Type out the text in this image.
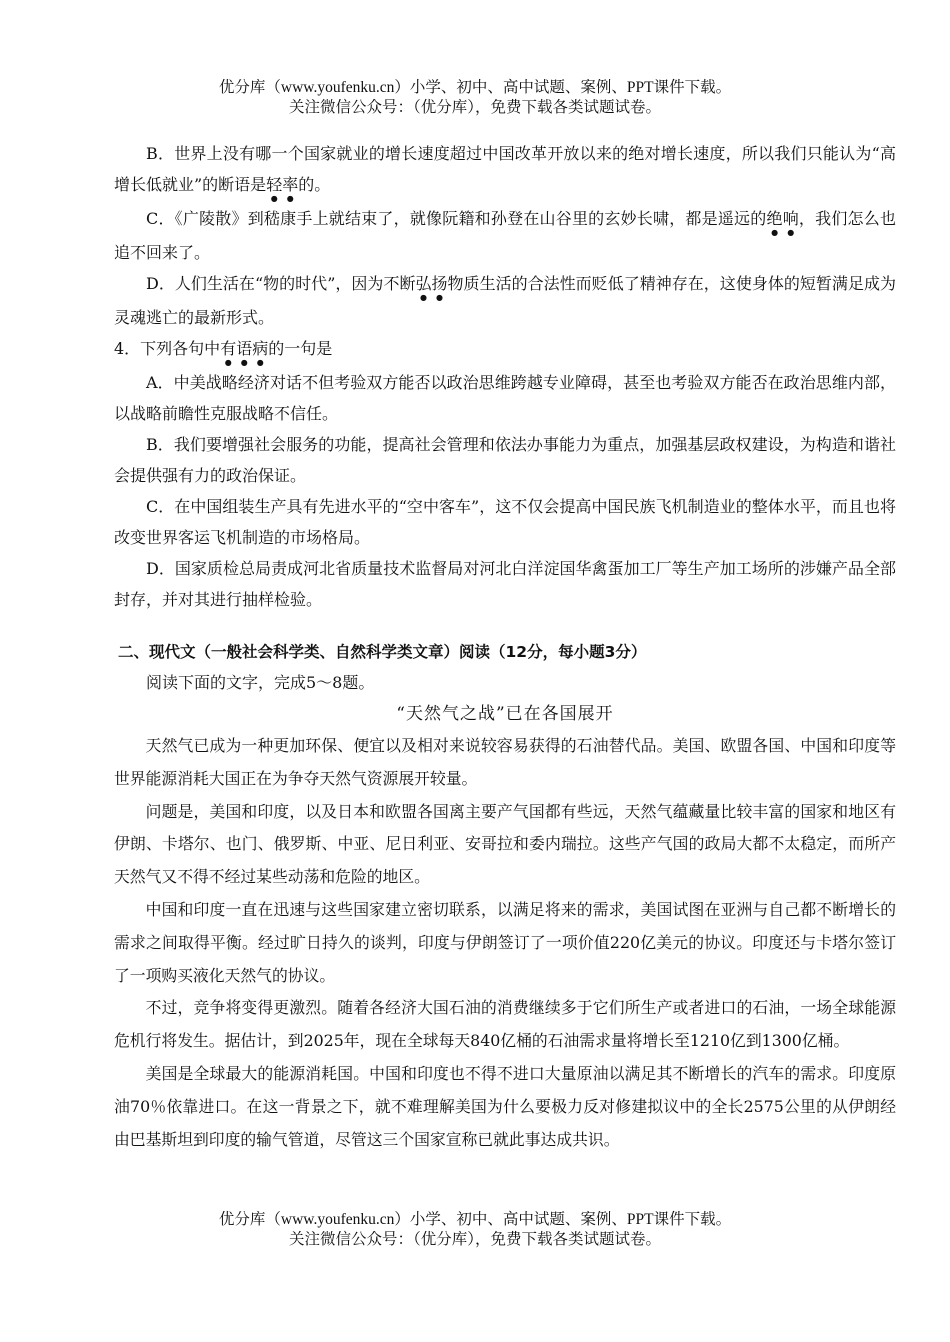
优分库（www.youfenku.cn）小学、初中、高中试题、案例、PPT课件下载。
关注微信公众号：（优分库），免费下载各类试题试卷。

B．世界上没有哪一个国家就业的增长速度超过中国改革开放以来的绝对增长速度，所以我们只能认为“高增长低就业”的断语是轻率的。

C．《广陵散》到嵇康手上就结束了，就像阮籍和孙登在山谷里的玄妙长啸，都是遥远的绝响，我们怎么也追不回来了。

D．人们生活在“物的时代”，因为不断弘扬物质生活的合法性而贬低了精神存在，这使身体的短暂满足成为灵魂逃亡的最新形式。

4．下列各句中有语病的一句是

A．中美战略经济对话不但考验双方能否以政治思维跨越专业障碍，甚至也考验双方能否在政治思维内部，以战略前瞻性克服战略不信任。

B．我们要增强社会服务的功能，提高社会管理和依法办事能力为重点，加强基层政权建设，为构造和谐社会提供强有力的政治保证。

C．在中国组装生产具有先进水平的“空中客车”，这不仅会提高中国民族飞机制造业的整体水平，而且也将改变世界客运飞机制造的市场格局。

D．国家质检总局责成河北省质量技术监督局对河北白洋淀国华禽蛋加工厂等生产加工场所的涉嫌产品全部封存，并对其进行抽样检验。

二、现代文（一般社会科学类、自然科学类文章）阅读（12分，每小题3分）

阅读下面的文字，完成5～8题。

“天然气之战”已在各国展开

天然气已成为一种更加环保、便宜以及相对来说较容易获得的石油替代品。美国、欧盟各国、中国和印度等世界能源消耗大国正在为争夺天然气资源展开较量。

问题是，美国和印度，以及日本和欧盟各国离主要产气国都有些远，天然气蕴藏量比较丰富的国家和地区有伊朗、卡塔尔、也门、俄罗斯、中亚、尼日利亚、安哥拉和委内瑞拉。这些产气国的政局大都不太稳定，而所产天然气又不得不经过某些动荡和危险的地区。

中国和印度一直在迅速与这些国家建立密切联系，以满足将来的需求，美国试图在亚洲与自己都不断增长的需求之间取得平衡。经过旷日持久的谈判，印度与伊朗签订了一项价值220亿美元的协议。印度还与卡塔尔签订了一项购买液化天然气的协议。

不过，竞争将变得更激烈。随着各经济大国石油的消费继续多于它们所生产或者进口的石油，一场全球能源危机行将发生。据估计，到2025年，现在全球每天840亿桶的石油需求量将增长至1210亿到1300亿桶。

美国是全球最大的能源消耗国。中国和印度也不得不进口大量原油以满足其不断增长的汽车的需求。印度原油70％依靠进口。在这一背景之下，就不难理解美国为什么要极力反对修建拟议中的全长2575公里的从伊朗经由巴基斯坦到印度的输气管道，尽管这三个国家宣称已就此事达成共识。

优分库（www.youfenku.cn）小学、初中、高中试题、案例、PPT课件下载。
关注微信公众号：（优分库），免费下载各类试题试卷。
